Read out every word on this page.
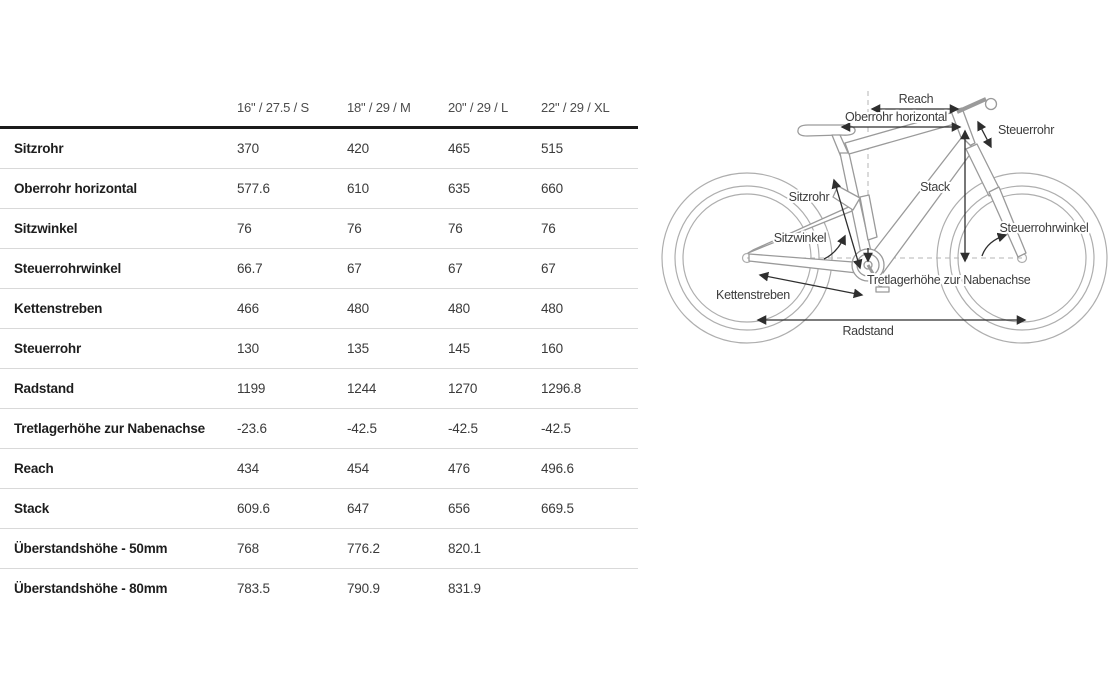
16" / 27.5 / S	18" / 29 / M	20" / 29 / L	22" / 29 / XL
Sitzrohr	370	420	465	515
Oberrohr horizontal	577.6	610	635	660
Sitzwinkel	76	76	76	76
Steuerrohrwinkel	66.7	67	67	67
Kettenstreben	466	480	480	480
Steuerrohr	130	135	145	160
Radstand	1199	1244	1270	1296.8
Tretlagerhöhe zur Nabenachse -23.6	-42.5	-42.5	-42.5
Reach	434	454	476	496.6
Stack	609.6	647	656	669.5
Überstandshöhe - 50mm	768	776.2	820.1
Überstandshöhe - 80mm	783.5	790.9	831.9
Reach
Oberrohr horizontal
Steuerrohr
Stack
Sitzrohr
Sitzwinkel
Steuerrohrwinkel
Tretlagerhöhe zur Nabenachse
Kettenstreben
Radstand
